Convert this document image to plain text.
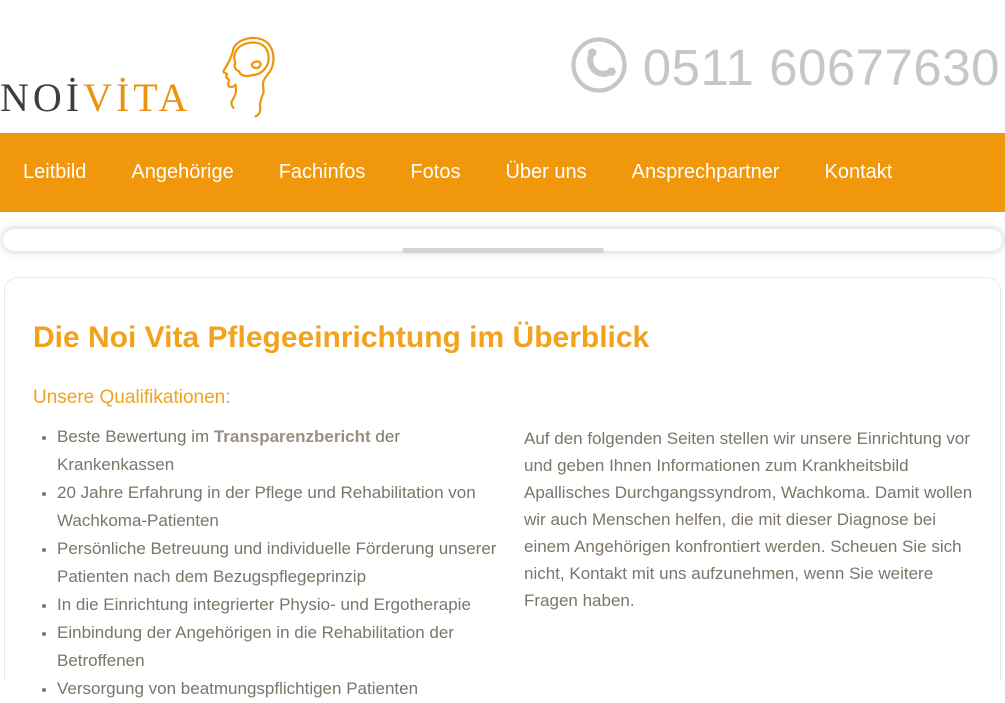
NOİVİTA
0511 60677630
Leitbild Angehörige Fachinfos Fotos Über uns Ansprechpartner Kontakt
Die Noi Vita Pflegeeinrichtung im Überblick
Unsere Qualifikationen:
• Beste Bewertung im Transparenzbericht der Krankenkassen
• 20 Jahre Erfahrung in der Pflege und Rehabilitation von Wachkoma-Patienten
• Persönliche Betreuung und individuelle Förderung unserer Patienten nach dem Bezugspflegeprinzip
• In die Einrichtung integrierter Physio- und Ergotherapie
• Einbindung der Angehörigen in die Rehabilitation der Betroffenen
• Versorgung von beatmungspflichtigen Patienten

Auf den folgenden Seiten stellen wir unsere Einrichtung vor und geben Ihnen Informationen zum Krankheitsbild Apallisches Durchgangssyndrom, Wachkoma. Damit wollen wir auch Menschen helfen, die mit dieser Diagnose bei einem Angehörigen konfrontiert werden. Scheuen Sie sich nicht, Kontakt mit uns aufzunehmen, wenn Sie weitere Fragen haben.
